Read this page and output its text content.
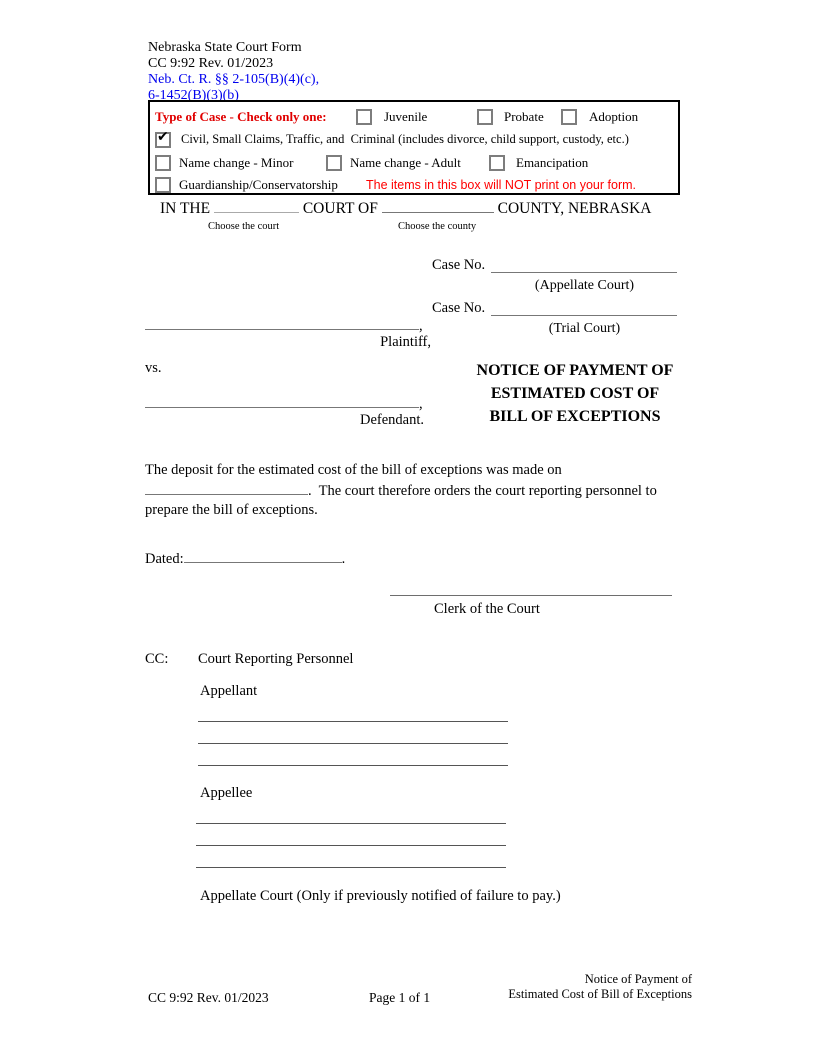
Nebraska State Court Form
CC 9:92 Rev. 01/2023
Neb. Ct. R. §§ 2-105(B)(4)(c),
6-1452(B)(3)(b)
Type of Case - Check only one:	Juvenile	Probate	Adoption
✔ Civil, Small Claims, Traffic, and  Criminal (includes divorce, child support, custody, etc.)
Name change - Minor	Name change - Adult	Emancipation
Guardianship/Conservatorship The items in this box will NOT print on your form.
IN THE	COURT OF	COUNTY, NEBRASKA
Choose the court	Choose the county
Case No.
(Appellate Court)
Case No.
(Trial Court)
,
Plaintiff,
vs.
,
Defendant.
NOTICE OF PAYMENT OF
ESTIMATED COST OF
BILL OF EXCEPTIONS
The deposit for the estimated cost of the bill of exceptions was made on .  The court therefore orders the court reporting personnel to prepare the bill of exceptions.
Dated:	.
Clerk of the Court
CC: Court Reporting Personnel
Appellant
Appellee
Appellate Court (Only if previously notified of failure to pay.)
CC 9:92 Rev. 01/2023	Page 1 of 1
Notice of Payment of
Estimated Cost of Bill of Exceptions
